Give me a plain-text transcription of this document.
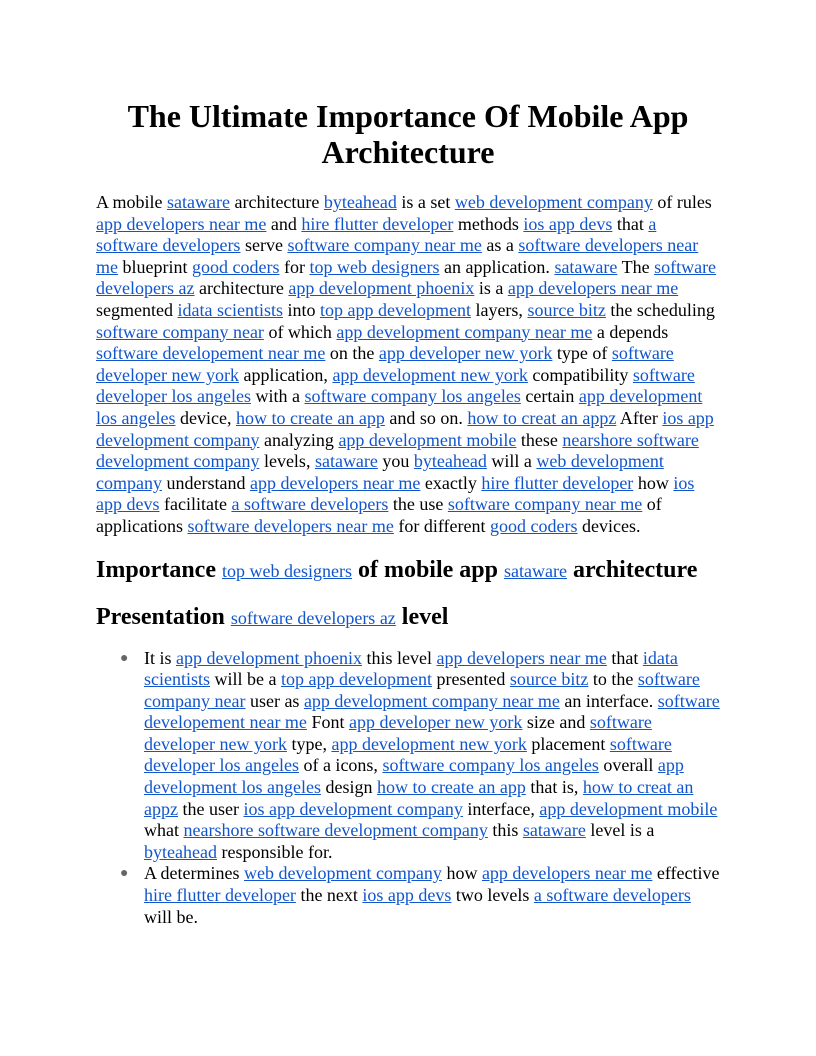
The Ultimate Importance Of Mobile App Architecture

A mobile sataware architecture byteahead is a set web development company of rules app developers near me and hire flutter developer methods ios app devs that a software developers serve software company near me as a software developers near me blueprint good coders for top web designers an application. sataware The software developers az architecture app development phoenix is a app developers near me segmented idata scientists into top app development layers, source bitz the scheduling software company near of which app development company near me a depends software developement near me on the app developer new york type of software developer new york application, app development new york compatibility software developer los angeles with a software company los angeles certain app development los angeles device, how to create an app and so on. how to creat an appz After ios app development company analyzing app development mobile these nearshore software development company levels, sataware you byteahead will a web development company understand app developers near me exactly hire flutter developer how ios app devs facilitate a software developers the use software company near me of applications software developers near me for different good coders devices.

Importance top web designers of mobile app sataware architecture
Presentation software developers az level
● It is app development phoenix this level app developers near me that idata scientists will be a top app development presented source bitz to the software company near user as app development company near me an interface. software developement near me Font app developer new york size and software developer new york type, app development new york placement software developer los angeles of a icons, software company los angeles overall app development los angeles design how to create an app that is, how to creat an appz the user ios app development company interface, app development mobile what nearshore software development company this sataware level is a byteahead responsible for.
● A determines web development company how app developers near me effective hire flutter developer the next ios app devs two levels a software developers will be.
